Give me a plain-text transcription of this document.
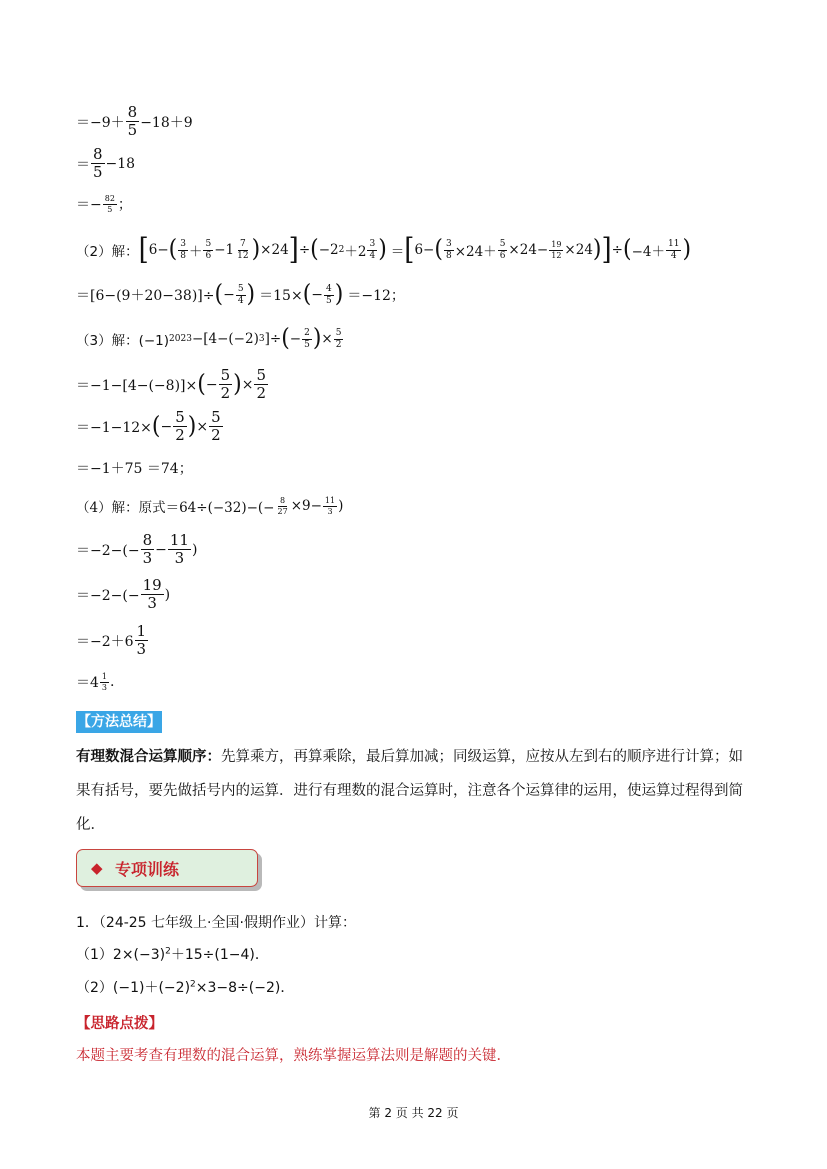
$=-9+ \frac{8}{5} -18+9$
＝ $\frac{8}{5} -18$
＝− $\frac{82}{5}$ ；
（2）解： [ 6− ( $\frac{3}{8} + \frac{5}{6} - 1 \frac{7}{12}$ ) ×24 ] ÷ ( −2 $2 +2 \frac{3}{4}$ ) ＝ [ 6− ( $\frac{3}{8} \times 24+ \frac{5}{6} \times 24- \frac{19}{12} \times 24$ ) ] ÷ ( $-4+ \frac{11}{4}$ )
＝[6−(9＋20−38)]÷ ( − $\frac{5}{4}$ ) ＝15× ( − $\frac{4}{5}$ ) ＝−12；
（3）解：(−1) 2023 −[4−(−2) 3 ]÷ ( − $\frac{2}{5}$ ) × $\frac{5}{2}$
＝−1−[4−(−8)]× ( − $\frac{5}{2}$ ) × $\frac{5}{2}$
＝−1−12× ( − $\frac{5}{2}$ ) × $\frac{5}{2}$
＝−1＋75 ＝74；
（4）解：原式$=64\div(-32)-(- \frac{8}{27} \times 9- \frac{11}{3}$ )
$=-2-(- \frac{8}{3} - \frac{11}{3}$ )
$=-2-(- \frac{19}{3}$ )
$=-2+6 \frac{1}{3}$
$=4 \frac{1}{3}$ .
【方法总结】
有理数混合运算顺序：先算乘方，再算乘除，最后算加减；同级运算，应按从左到右的顺序进行计算；如果有括号，要先做括号内的运算．进行有理数的混合运算时，注意各个运算律的运用，使运算过程得到简化．
◆ 专项训练
1．（24-25 七年级上·全国·假期作业）计算：
$(1)2\times(-3)^2+15\div(1-4)$．
$(2)(-1)+(-2)^2\times 3-8\div(-2)$．
【思路点拨】
本题主要考查有理数的混合运算，熟练掌握运算法则是解题的关键．
第 2 页 共 22 页
